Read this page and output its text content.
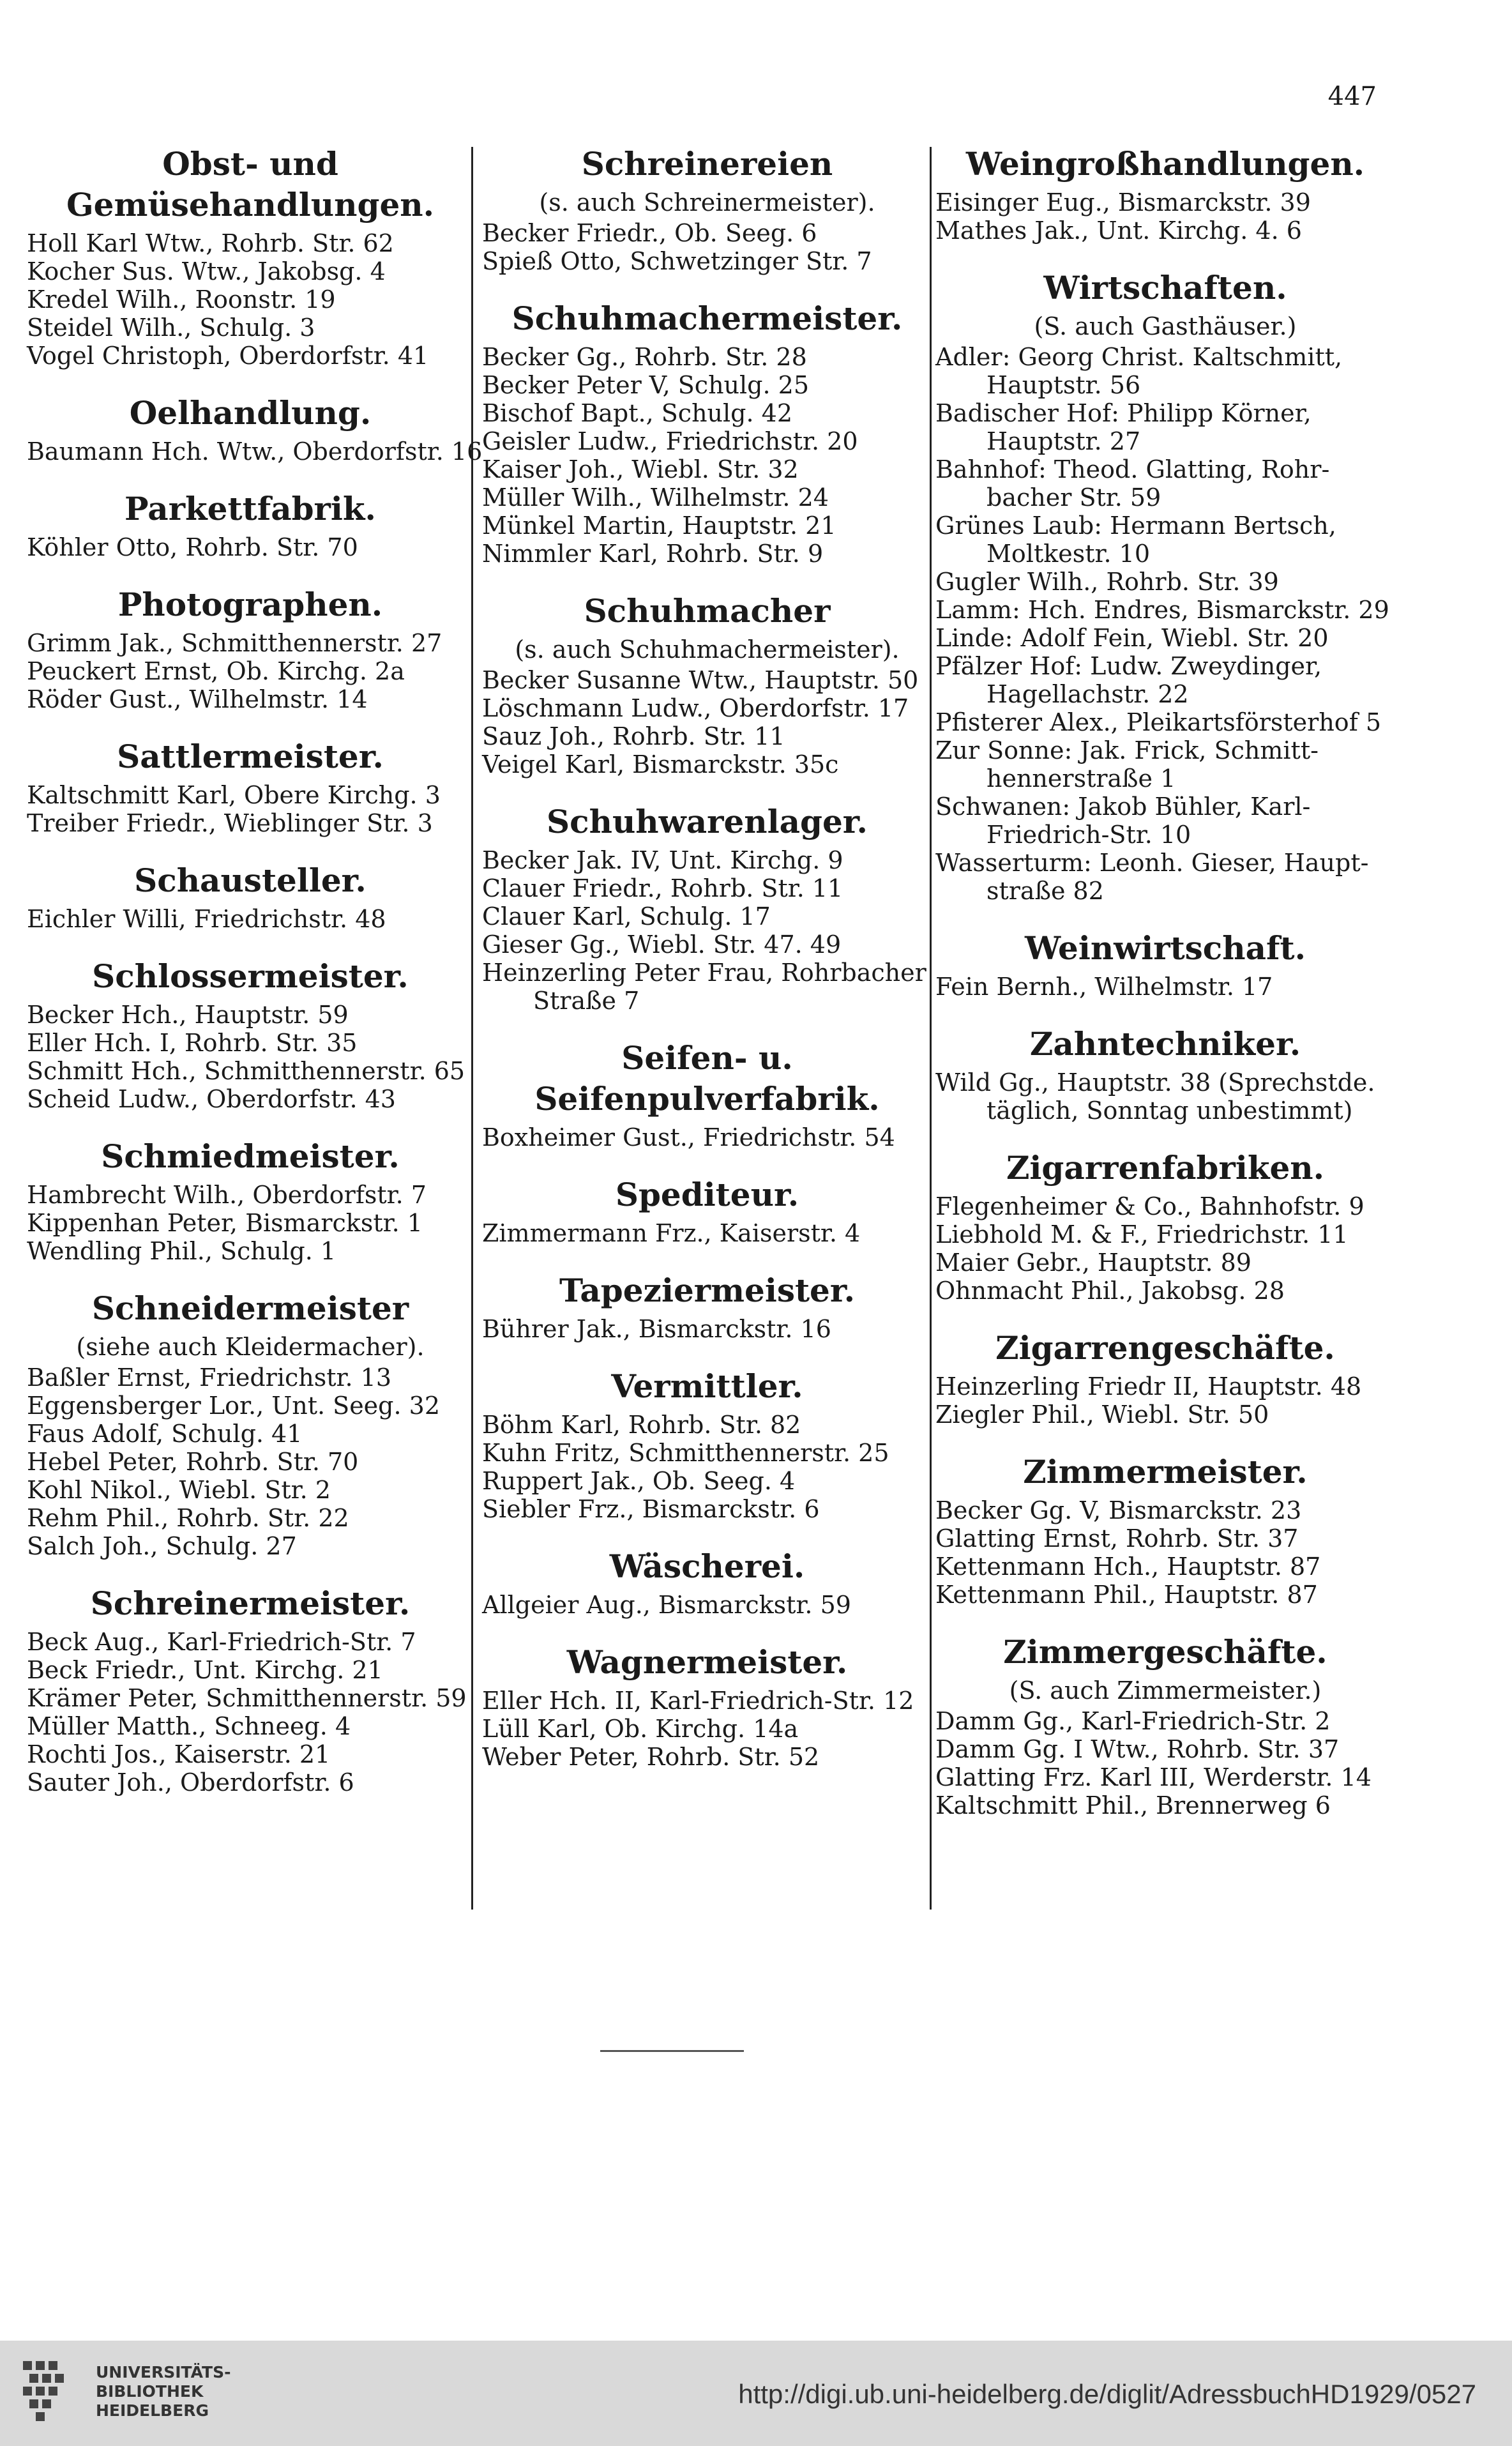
447
Obst- und Gemüsehandlungen.
Holl Karl Wtw., Rohrb. Str. 62
Kocher Sus. Wtw., Jakobsg. 4
Kredel Wilh., Roonstr. 19
Steidel Wilh., Schulg. 3
Vogel Christoph, Oberdorfstr. 41
Oelhandlung.
Baumann Hch. Wtw., Oberdorfstr. 16
Parkettfabrik.
Köhler Otto, Rohrb. Str. 70
Photographen.
Grimm Jak., Schmitthennerstr. 27
Peuckert Ernst, Ob. Kirchg. 2a
Röder Gust., Wilhelmstr. 14
Sattlermeister.
Kaltschmitt Karl, Obere Kirchg. 3
Treiber Friedr., Wieblinger Str. 3
Schausteller.
Eichler Willi, Friedrichstr. 48
Schlossermeister.
Becker Hch., Hauptstr. 59
Eller Hch. I, Rohrb. Str. 35
Schmitt Hch., Schmitthennerstr. 65
Scheid Ludw., Oberdorfstr. 43
Schmiedmeister.
Hambrecht Wilh., Oberdorfstr. 7
Kippenhan Peter, Bismarckstr. 1
Wendling Phil., Schulg. 1
Schneidermeister
(siehe auch Kleidermacher).
Baßler Ernst, Friedrichstr. 13
Eggensberger Lor., Unt. Seeg. 32
Faus Adolf, Schulg. 41
Hebel Peter, Rohrb. Str. 70
Kohl Nikol., Wiebl. Str. 2
Rehm Phil., Rohrb. Str. 22
Salch Joh., Schulg. 27
Schreinermeister.
Beck Aug., Karl-Friedrich-Str. 7
Beck Friedr., Unt. Kirchg. 21
Krämer Peter, Schmitthennerstr. 59
Müller Matth., Schneeg. 4
Rochti Jos., Kaiserstr. 21
Sauter Joh., Oberdorfstr. 6
Schreinereien
(s. auch Schreinermeister).
Becker Friedr., Ob. Seeg. 6
Spieß Otto, Schwetzinger Str. 7
Schuhmachermeister.
Becker Gg., Rohrb. Str. 28
Becker Peter V, Schulg. 25
Bischof Bapt., Schulg. 42
Geisler Ludw., Friedrichstr. 20
Kaiser Joh., Wiebl. Str. 32
Müller Wilh., Wilhelmstr. 24
Münkel Martin, Hauptstr. 21
Nimmler Karl, Rohrb. Str. 9
Schuhmacher
(s. auch Schuhmachermeister).
Becker Susanne Wtw., Hauptstr. 50
Löschmann Ludw., Oberdorfstr. 17
Sauz Joh., Rohrb. Str. 11
Veigel Karl, Bismarckstr. 35c
Schuhwarenlager.
Becker Jak. IV, Unt. Kirchg. 9
Clauer Friedr., Rohrb. Str. 11
Clauer Karl, Schulg. 17
Gieser Gg., Wiebl. Str. 47. 49
Heinzerling Peter Frau, Rohrbacher
Straße 7
Seifen- u. Seifenpulverfabrik.
Boxheimer Gust., Friedrichstr. 54
Spediteur.
Zimmermann Frz., Kaiserstr. 4
Tapeziermeister.
Bührer Jak., Bismarckstr. 16
Vermittler.
Böhm Karl, Rohrb. Str. 82
Kuhn Fritz, Schmitthennerstr. 25
Ruppert Jak., Ob. Seeg. 4
Siebler Frz., Bismarckstr. 6
Wäscherei.
Allgeier Aug., Bismarckstr. 59
Wagnermeister.
Eller Hch. II, Karl-Friedrich-Str. 12
Lüll Karl, Ob. Kirchg. 14a
Weber Peter, Rohrb. Str. 52
Weingroßhandlungen.
Eisinger Eug., Bismarckstr. 39
Mathes Jak., Unt. Kirchg. 4. 6
Wirtschaften.
(S. auch Gasthäuser.)
Adler: Georg Christ. Kaltschmitt,
Hauptstr. 56
Badischer Hof: Philipp Körner,
Hauptstr. 27
Bahnhof: Theod. Glatting, Rohr-
bacher Str. 59
Grünes Laub: Hermann Bertsch,
Moltkestr. 10
Gugler Wilh., Rohrb. Str. 39
Lamm: Hch. Endres, Bismarckstr. 29
Linde: Adolf Fein, Wiebl. Str. 20
Pfälzer Hof: Ludw. Zweydinger,
Hagellachstr. 22
Pfisterer Alex., Pleikartsförsterhof 5
Zur Sonne: Jak. Frick, Schmitt-
hennerstraße 1
Schwanen: Jakob Bühler, Karl-
Friedrich-Str. 10
Wasserturm: Leonh. Gieser, Haupt-
straße 82
Weinwirtschaft.
Fein Bernh., Wilhelmstr. 17
Zahntechniker.
Wild Gg., Hauptstr. 38 (Sprechstde.
täglich, Sonntag unbestimmt)
Zigarrenfabriken.
Flegenheimer & Co., Bahnhofstr. 9
Liebhold M. & F., Friedrichstr. 11
Maier Gebr., Hauptstr. 89
Ohnmacht Phil., Jakobsg. 28
Zigarrengeschäfte.
Heinzerling Friedr II, Hauptstr. 48
Ziegler Phil., Wiebl. Str. 50
Zimmermeister.
Becker Gg. V, Bismarckstr. 23
Glatting Ernst, Rohrb. Str. 37
Kettenmann Hch., Hauptstr. 87
Kettenmann Phil., Hauptstr. 87
Zimmergeschäfte.
(S. auch Zimmermeister.)
Damm Gg., Karl-Friedrich-Str. 2
Damm Gg. I Wtw., Rohrb. Str. 37
Glatting Frz. Karl III, Werderstr. 14
Kaltschmitt Phil., Brennerweg 6
UNIVERSITÄTS-
BIBLIOTHEK
HEIDELBERG
http://digi.ub.uni-heidelberg.de/diglit/AdressbuchHD1929/0527
